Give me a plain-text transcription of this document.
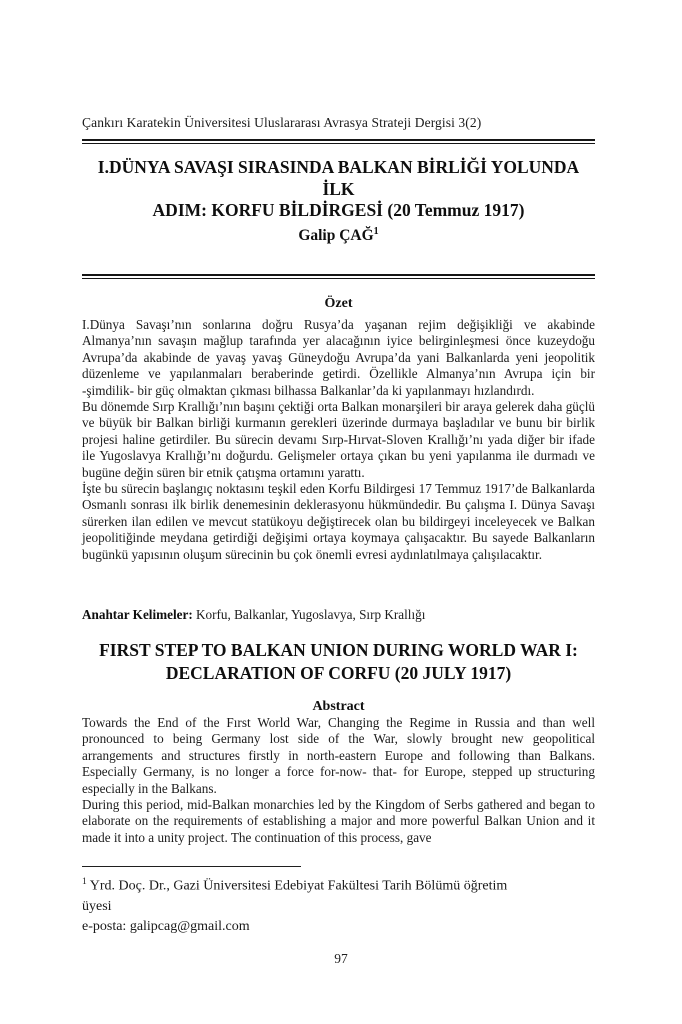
Çankırı Karatekin Üniversitesi Uluslararası Avrasya Strateji Dergisi 3(2)
I.DÜNYA SAVAŞI SIRASINDA BALKAN BİRLİĞİ YOLUNDA İLK
ADIM: KORFU BİLDİRGESİ (20 Temmuz 1917)
Galip ÇAĞ$^1$
Özet

I.Dünya Savaşı’nın sonlarına doğru Rusya’da yaşanan rejim değişikliği ve akabinde Almanya’nın savaşın mağlup tarafında yer alacağının iyice belirginleşmesi önce kuzeydoğu Avrupa’da akabinde de yavaş yavaş Güneydoğu Avrupa’da yani Balkanlarda yeni jeopolitik düzenleme ve yapılanmaları beraberinde getirdi. Özellikle Almanya’nın Avrupa için bir -şimdilik- bir güç olmaktan çıkması bilhassa Balkanlar’da ki yapılanmayı hızlandırdı.

Bu dönemde Sırp Krallığı’nın başını çektiği orta Balkan monarşileri bir araya gelerek daha güçlü ve büyük bir Balkan birliği kurmanın gerekleri üzerinde durmaya başladılar ve bunu bir birlik projesi haline getirdiler. Bu sürecin devamı Sırp-Hırvat-Sloven Krallığı’nı yada diğer bir ifade ile Yugoslavya Krallığı’nı doğurdu. Gelişmeler ortaya çıkan bu yeni yapılanma ile durmadı ve bugüne değin süren bir etnik çatışma ortamını yarattı.

İşte bu sürecin başlangıç noktasını teşkil eden Korfu Bildirgesi 17 Temmuz 1917’de Balkanlarda Osmanlı sonrası ilk birlik denemesinin deklerasyonu hükmündedir. Bu çalışma I. Dünya Savaşı sürerken ilan edilen ve mevcut statükoyu değiştirecek olan bu bildirgeyi inceleyecek ve Balkan jeopolitiğinde meydana getirdiği değişimi ortaya koymaya çalışacaktır. Bu sayede Balkanların bugünkü yapısının oluşum sürecinin bu çok önemli evresi aydınlatılmaya çalışılacaktır.

Anahtar Kelimeler: Korfu, Balkanlar, Yugoslavya, Sırp Krallığı
FIRST STEP TO BALKAN UNION DURING WORLD WAR I:
DECLARATION OF CORFU (20 JULY 1917)
Abstract

Towards the End of the Fırst World War, Changing the Regime in Russia and than well pronounced to being Germany lost side of the War, slowly brought new geopolitical arrangements and structures firstly in north-eastern Europe and following than Balkans. Especially Germany, is no longer a force for-now- that- for Europe, stepped up structuring especially in the Balkans.

During this period, mid-Balkan monarchies led by the Kingdom of Serbs gathered and began to elaborate on the requirements of establishing a major and more powerful Balkan Union and it made it into a unity project. The continuation of this process, gave

$^1$ Yrd. Doç. Dr., Gazi Üniversitesi Edebiyat Fakültesi Tarih Bölümü öğretim

üyesi

e-posta: galipcag@gmail.com

97
